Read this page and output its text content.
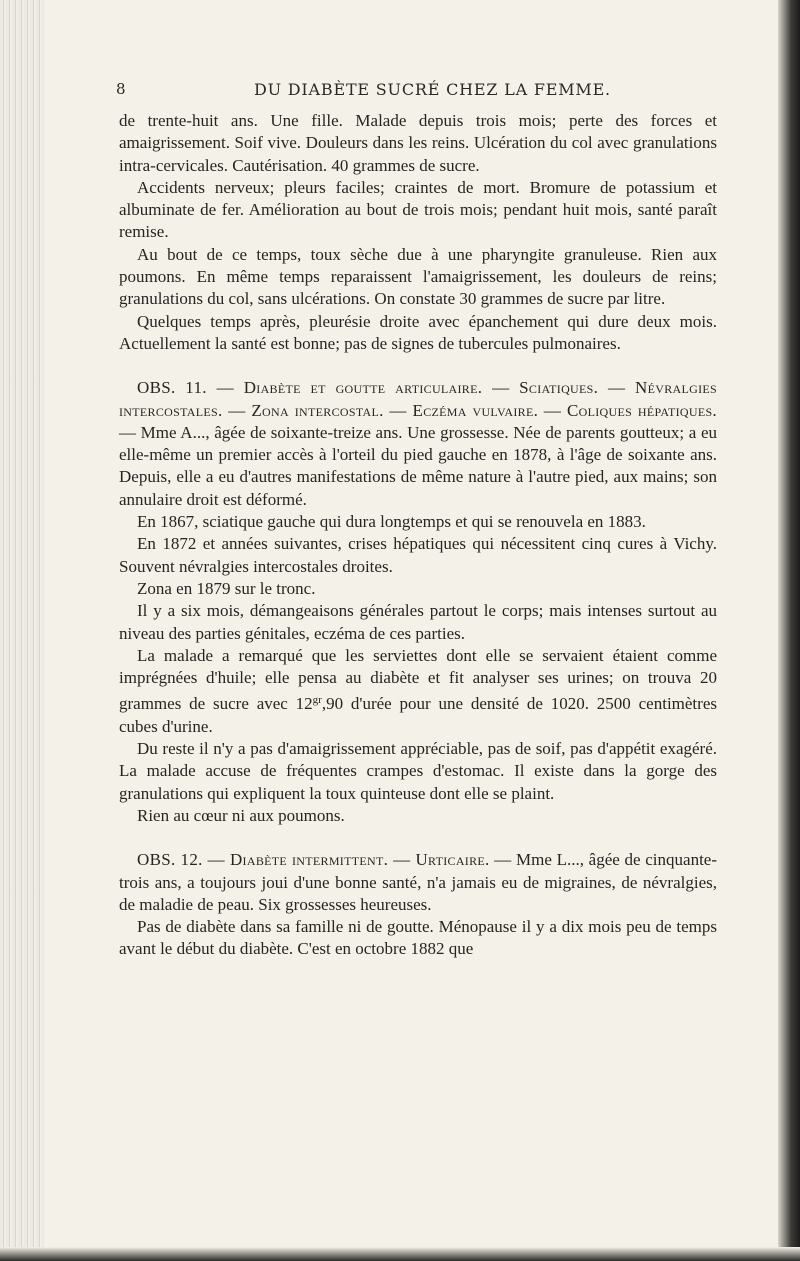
8	DU DIABÈTE SUCRÉ CHEZ LA FEMME.

de trente-huit ans. Une fille. Malade depuis trois mois; perte des forces et amaigrissement. Soif vive. Douleurs dans les reins. Ulcération du col avec granulations intra-cervicales. Cautérisation. 40 grammes de sucre.

Accidents nerveux; pleurs faciles; craintes de mort. Bromure de potassium et albuminate de fer. Amélioration au bout de trois mois; pendant huit mois, santé paraît remise.

Au bout de ce temps, toux sèche due à une pharyngite granuleuse. Rien aux poumons. En même temps reparaissent l'amaigrissement, les douleurs de reins; granulations du col, sans ulcérations. On constate 30 grammes de sucre par litre.

Quelques temps après, pleurésie droite avec épanchement qui dure deux mois. Actuellement la santé est bonne; pas de signes de tubercules pulmonaires.

OBS. 11. — Diabète et goutte articulaire. — Sciatiques. — Névralgies intercostales. — Zona intercostal. — Eczéma vulvaire. — Coliques hépatiques. — Mme A..., âgée de soixante-treize ans. Une grossesse. Née de parents goutteux; a eu elle-même un premier accès à l'orteil du pied gauche en 1878, à l'âge de soixante ans. Depuis, elle a eu d'autres manifestations de même nature à l'autre pied, aux mains; son annulaire droit est déformé.

En 1867, sciatique gauche qui dura longtemps et qui se renouvela en 1883.

En 1872 et années suivantes, crises hépatiques qui nécessitent cinq cures à Vichy. Souvent névralgies intercostales droites.

Zona en 1879 sur le tronc.

Il y a six mois, démangeaisons générales partout le corps; mais intenses surtout au niveau des parties génitales, eczéma de ces parties.

La malade a remarqué que les serviettes dont elle se servaient étaient comme imprégnées d'huile; elle pensa au diabète et fit analyser ses urines; on trouva 20 grammes de sucre avec $12^{gr},90$ d'urée pour une densité de 1020. 2500 centimètres cubes d'urine.

Du reste il n'y a pas d'amaigrissement appréciable, pas de soif, pas d'appétit exagéré. La malade accuse de fréquentes crampes d'estomac. Il existe dans la gorge des granulations qui expliquent la toux quinteuse dont elle se plaint.

Rien au cœur ni aux poumons.

OBS. 12. — Diabète intermittent. — Urticaire. — Mme L..., âgée de cinquante-trois ans, a toujours joui d'une bonne santé, n'a jamais eu de migraines, de névralgies, de maladie de peau. Six grossesses heureuses.

Pas de diabète dans sa famille ni de goutte. Ménopause il y a dix mois peu de temps avant le début du diabète. C'est en octobre 1882 que
